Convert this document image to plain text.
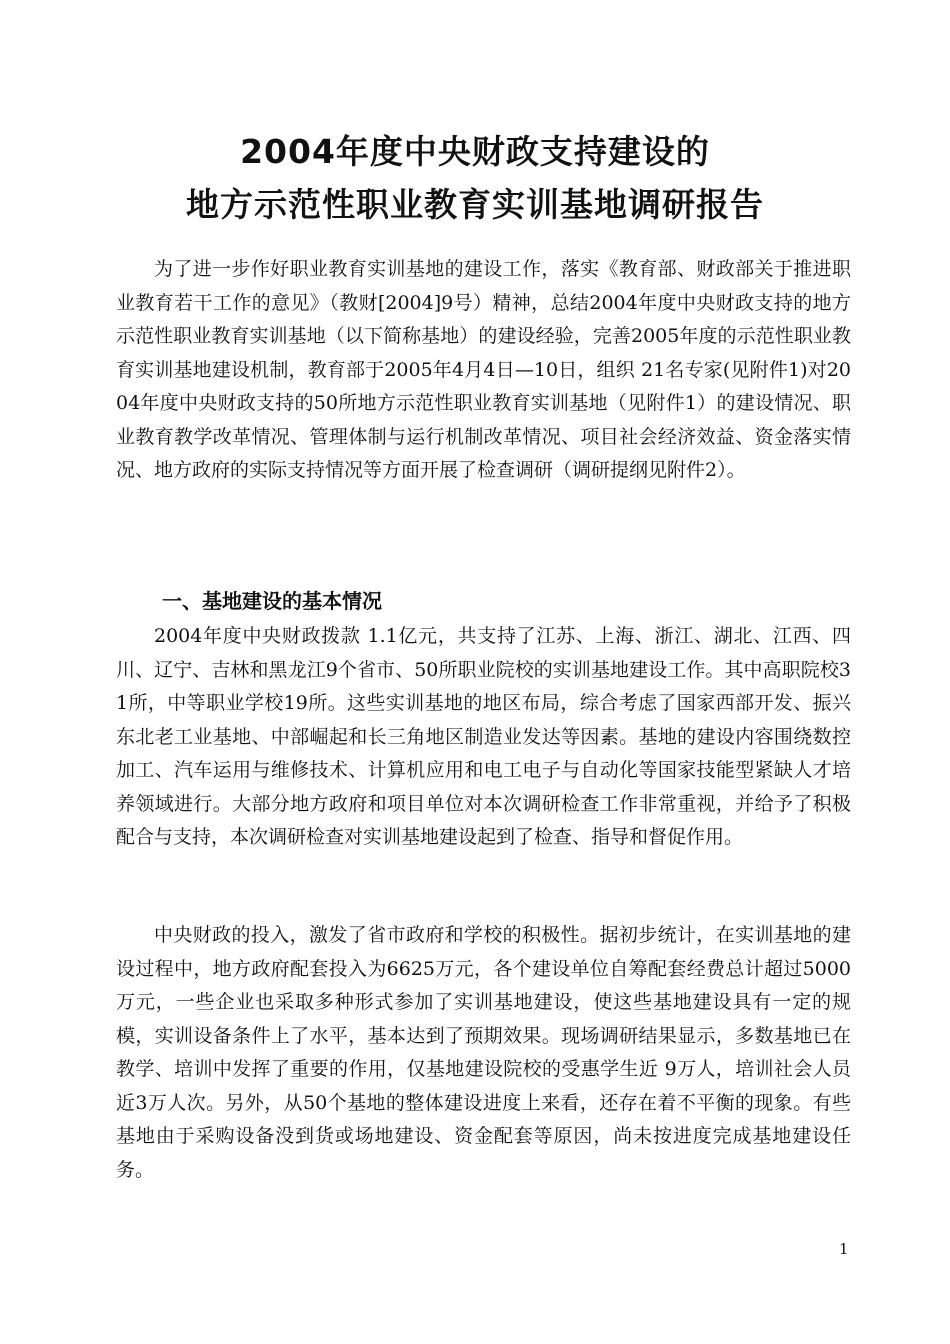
2004年度中央财政支持建设的
地方示范性职业教育实训基地调研报告

为了进一步作好职业教育实训基地的建设工作，落实《教育部、财政部关于推进职业教育若干工作的意见》（教财[2004]9号）精神，总结2004年度中央财政支持的地方示范性职业教育实训基地（以下简称基地）的建设经验，完善2005年度的示范性职业教育实训基地建设机制，教育部于2005年4月4日—10日，组织 21名专家(见附件1)对2004年度中央财政支持的50所地方示范性职业教育实训基地（见附件1）的建设情况、职业教育教学改革情况、管理体制与运行机制改革情况、项目社会经济效益、资金落实情况、地方政府的实际支持情况等方面开展了检查调研（调研提纲见附件2）。

一、基地建设的基本情况

2004年度中央财政拨款 1.1亿元，共支持了江苏、上海、浙江、湖北、江西、四川、辽宁、吉林和黑龙江9个省市、50所职业院校的实训基地建设工作。其中高职院校31所，中等职业学校19所。这些实训基地的地区布局，综合考虑了国家西部开发、振兴东北老工业基地、中部崛起和长三角地区制造业发达等因素。基地的建设内容围绕数控加工、汽车运用与维修技术、计算机应用和电工电子与自动化等国家技能型紧缺人才培养领域进行。大部分地方政府和项目单位对本次调研检查工作非常重视，并给予了积极配合与支持，本次调研检查对实训基地建设起到了检查、指导和督促作用。

中央财政的投入，激发了省市政府和学校的积极性。据初步统计，在实训基地的建设过程中，地方政府配套投入为6625万元，各个建设单位自筹配套经费总计超过5000万元，一些企业也采取多种形式参加了实训基地建设，使这些基地建设具有一定的规模，实训设备条件上了水平，基本达到了预期效果。现场调研结果显示，多数基地已在教学、培训中发挥了重要的作用，仅基地建设院校的受惠学生近 9万人，培训社会人员近3万人次。另外，从50个基地的整体建设进度上来看，还存在着不平衡的现象。有些基地由于采购设备没到货或场地建设、资金配套等原因，尚未按进度完成基地建设任务。

1
